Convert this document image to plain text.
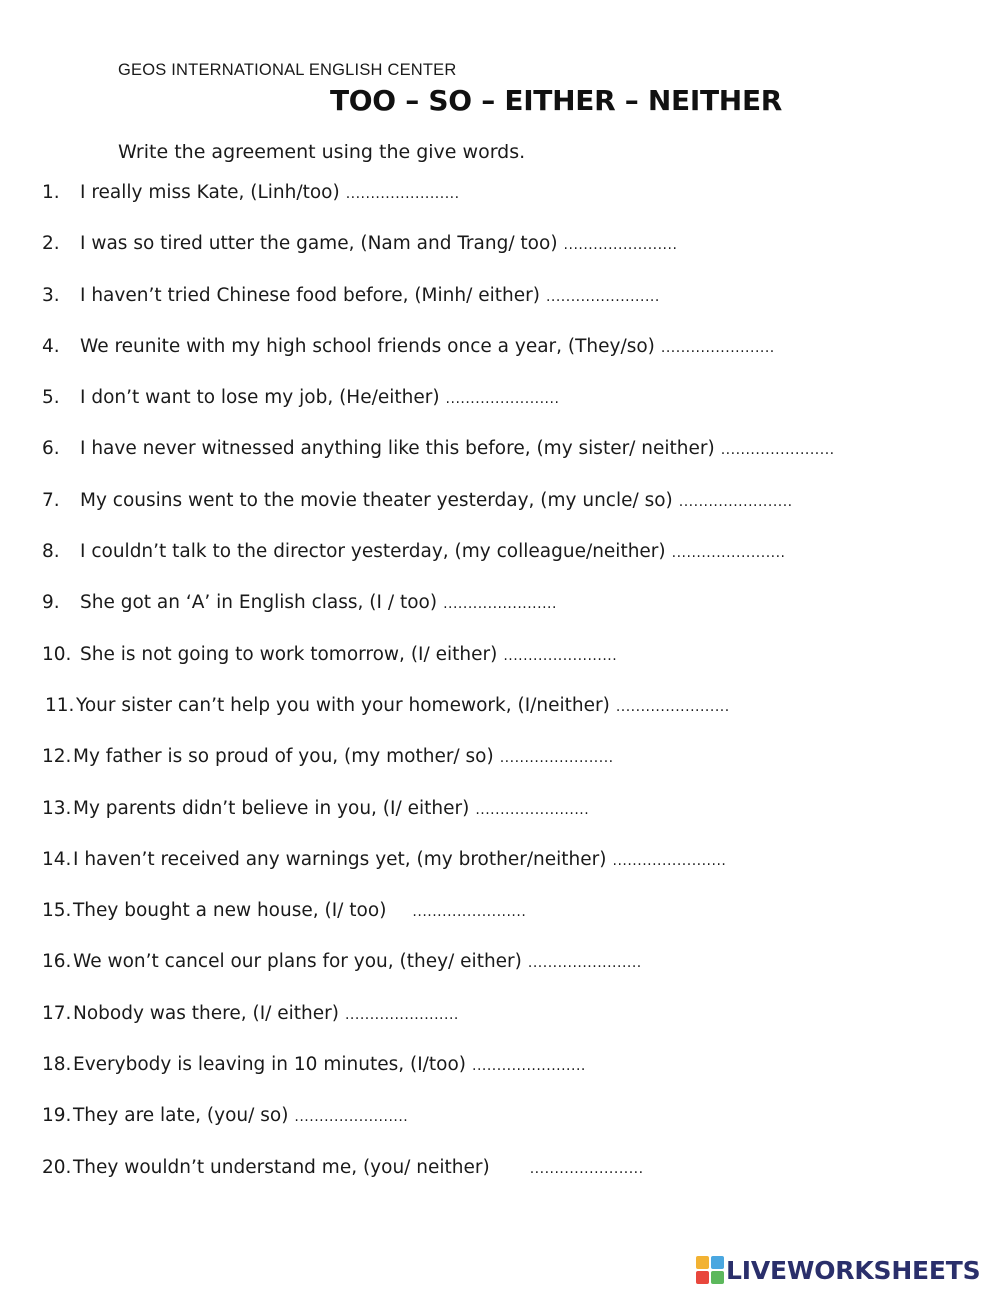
GEOS INTERNATIONAL ENGLISH CENTER
TOO – SO – EITHER – NEITHER
Write the agreement using the give words.
1. I really miss Kate, (Linh/too) .......................
2. I was so tired utter the game, (Nam and Trang/ too) .......................
3. I haven’t tried Chinese food before, (Minh/ either) .......................
4. We reunite with my high school friends once a year, (They/so) .......................
5. I don’t want to lose my job, (He/either) .......................
6. I have never witnessed anything like this before, (my sister/ neither) .......................
7. My cousins went to the movie theater yesterday, (my uncle/ so) .......................
8. I couldn’t talk to the director yesterday, (my colleague/neither) .......................
9. She got an ‘A’ in English class, (I / too) .......................
10. She is not going to work tomorrow, (I/ either) .......................
11. Your sister can’t help you with your homework, (I/neither) .......................
12. My father is so proud of you, (my mother/ so) .......................
13. My parents didn’t believe in you, (I/ either) .......................
14. I haven’t received any warnings yet, (my brother/neither) .......................
15. They bought a new house, (I/ too) .......................
16. We won’t cancel our plans for you, (they/ either) .......................
17. Nobody was there, (I/ either) .......................
18. Everybody is leaving in 10 minutes, (I/too) .......................
19. They are late, (you/ so) .......................
20. They wouldn’t understand me, (you/ neither)	.......................
LIVEWORKSHEETS
